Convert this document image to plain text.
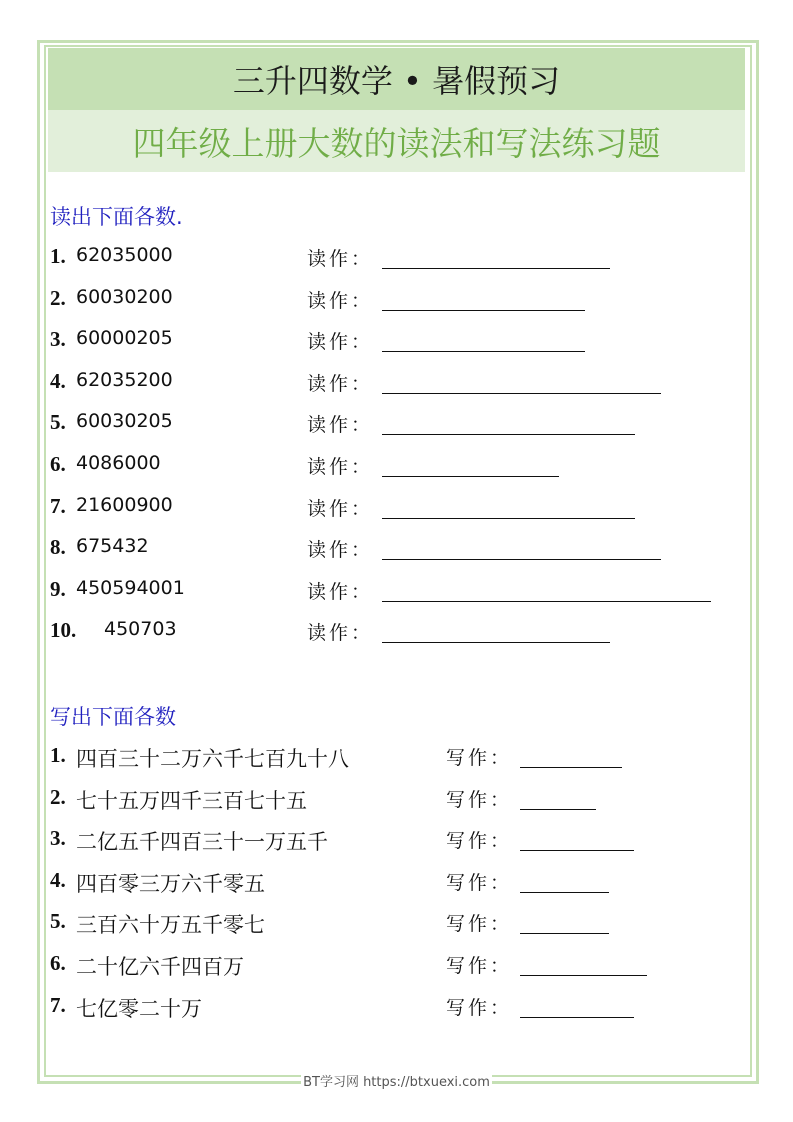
三升四数学 • 暑假预习
四年级上册大数的读法和写法练习题
读出下面各数.
1. 62035000	读作：
2. 60030200	读作：
3. 60000205	读作：
4. 62035200	读作：
5. 60030205	读作：
6. 4086000	读作：
7. 21600900	读作：
8. 675432	读作：
9. 450594001	读作：
10. 450703	读作：
写出下面各数
1. 四百三十二万六千七百九十八	写作：
2. 七十五万四千三百七十五	写作：
3. 二亿五千四百三十一万五千	写作：
4. 四百零三万六千零五	写作：
5. 三百六十万五千零七	写作：
6. 二十亿六千四百万	写作：
7. 七亿零二十万	写作：
BT学习网 https://btxuexi.com
